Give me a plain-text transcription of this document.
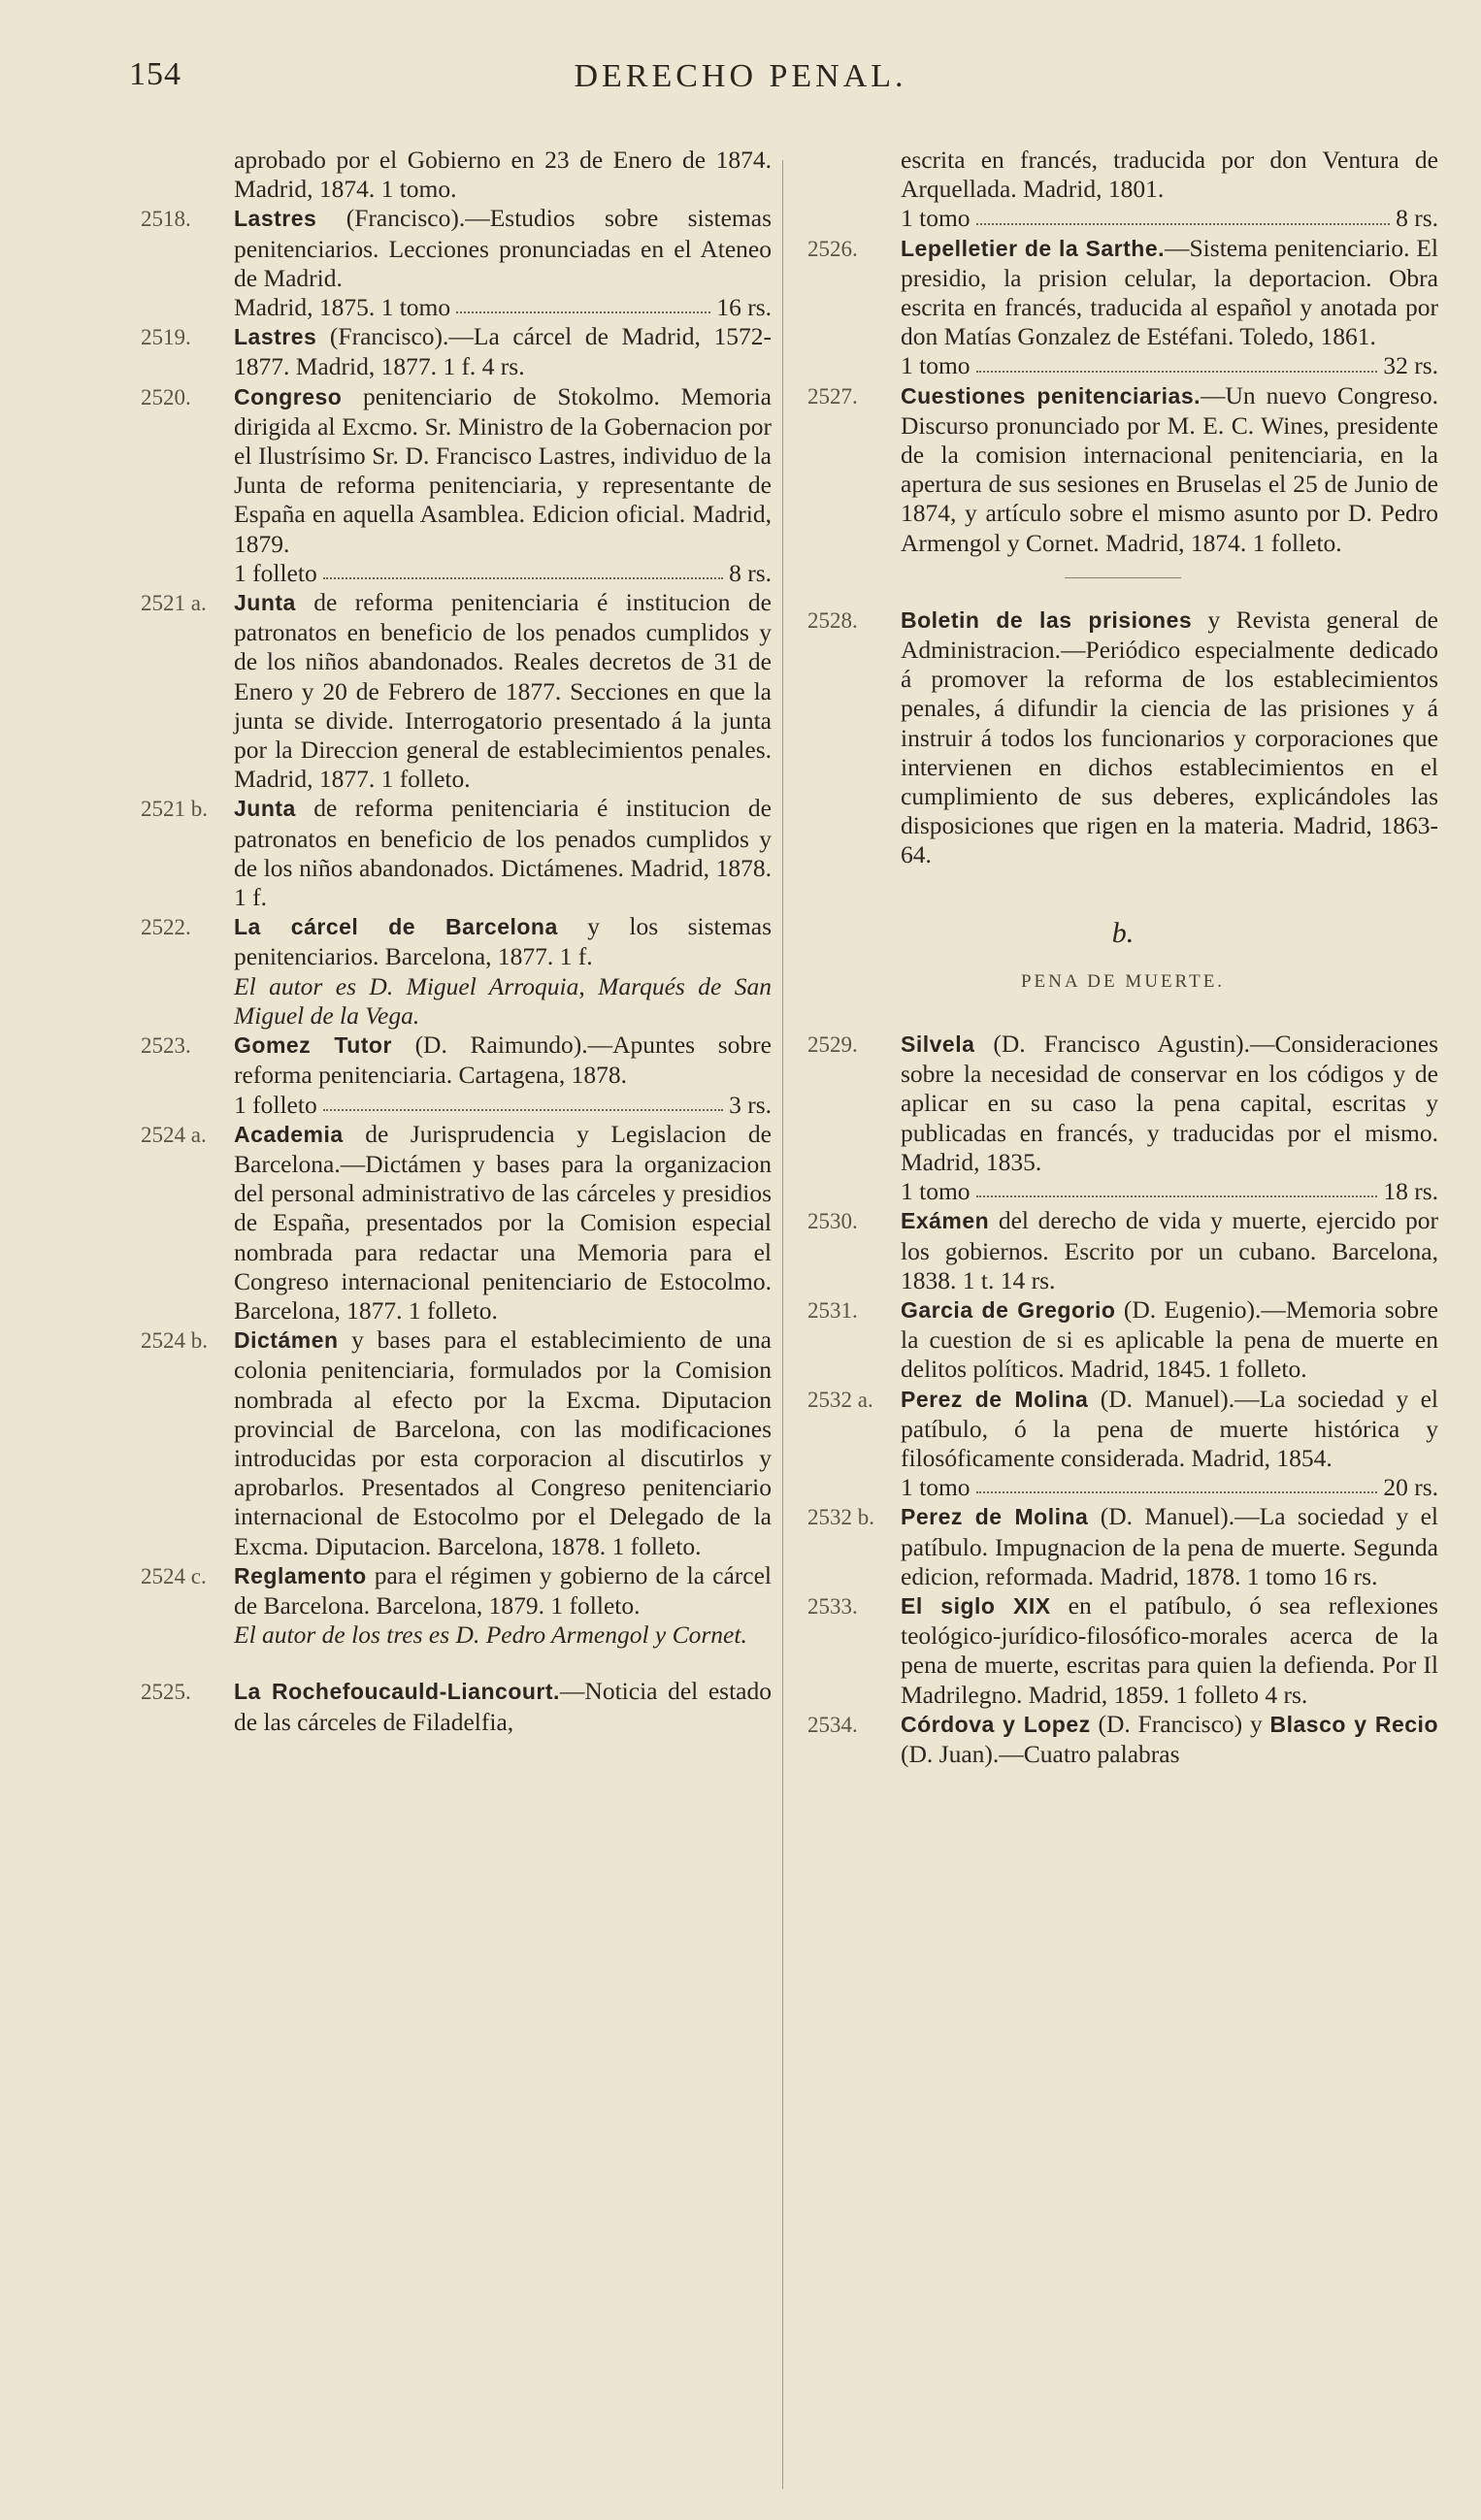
154	DERECHO PENAL.
aprobado por el Gobierno en 23 de Enero de 1874. Madrid, 1874. 1 tomo.
2518. Lastres (Francisco).—Estudios sobre sistemas penitenciarios. Lecciones pronunciadas en el Ateneo de Madrid.
Madrid, 1875. 1 tomo	16 rs.
2519. Lastres (Francisco).—La cárcel de Madrid, 1572-1877. Madrid, 1877. 1 f. 4 rs.
2520. Congreso penitenciario de Stokolmo. Memoria dirigida al Excmo. Sr. Ministro de la Gobernacion por el Ilustrísimo Sr. D. Francisco Lastres, individuo de la Junta de reforma penitenciaria, y representante de España en aquella Asamblea. Edicion oficial. Madrid, 1879.
1 folleto	8 rs.
2521 a. Junta de reforma penitenciaria é institucion de patronatos en beneficio de los penados cumplidos y de los niños abandonados. Reales decretos de 31 de Enero y 20 de Febrero de 1877. Secciones en que la junta se divide. Interrogatorio presentado á la junta por la Direccion general de establecimientos penales. Madrid, 1877. 1 folleto.
2521 b. Junta de reforma penitenciaria é institucion de patronatos en beneficio de los penados cumplidos y de los niños abandonados. Dictámenes. Madrid, 1878. 1 f.
2522. La cárcel de Barcelona y los sistemas penitenciarios. Barcelona, 1877. 1 f.
El autor es D. Miguel Arroquia, Marqués de San Miguel de la Vega.
2523. Gomez Tutor (D. Raimundo).—Apuntes sobre reforma penitenciaria. Cartagena, 1878.
1 folleto	3 rs.
2524 a. Academia de Jurisprudencia y Legislacion de Barcelona.—Dictámen y bases para la organizacion del personal administrativo de las cárceles y presidios de España, presentados por la Comision especial nombrada para redactar una Memoria para el Congreso internacional penitenciario de Estocolmo. Barcelona, 1877. 1 folleto.
2524 b. Dictámen y bases para el establecimiento de una colonia penitenciaria, formulados por la Comision nombrada al efecto por la Excma. Diputacion provincial de Barcelona, con las modificaciones introducidas por esta corporacion al discutirlos y aprobarlos. Presentados al Congreso penitenciario internacional de Estocolmo por el Delegado de la Excma. Diputacion. Barcelona, 1878. 1 folleto.
2524 c. Reglamento para el régimen y gobierno de la cárcel de Barcelona. Barcelona, 1879. 1 folleto.
El autor de los tres es D. Pedro Armengol y Cornet.
2525. La Rochefoucauld-Liancourt.—Noticia del estado de las cárceles de Filadelfia,
escrita en francés, traducida por don Ventura de Arquellada. Madrid, 1801.
1 tomo	8 rs.
2526. Lepelletier de la Sarthe.—Sistema penitenciario. El presidio, la prision celular, la deportacion. Obra escrita en francés, traducida al español y anotada por don Matías Gonzalez de Estéfani. Toledo, 1861.
1 tomo	32 rs.
2527. Cuestiones penitenciarias.—Un nuevo Congreso. Discurso pronunciado por M. E. C. Wines, presidente de la comision internacional penitenciaria, en la apertura de sus sesiones en Bruselas el 25 de Junio de 1874, y artículo sobre el mismo asunto por D. Pedro Armengol y Cornet. Madrid, 1874. 1 folleto.
2528. Boletin de las prisiones y Revista general de Administracion.—Periódico especialmente dedicado á promover la reforma de los establecimientos penales, á difundir la ciencia de las prisiones y á instruir á todos los funcionarios y corporaciones que intervienen en dichos establecimientos en el cumplimiento de sus deberes, explicándoles las disposiciones que rigen en la materia. Madrid, 1863-64.
b.
PENA DE MUERTE.
2529. Silvela (D. Francisco Agustin).—Consideraciones sobre la necesidad de conservar en los códigos y de aplicar en su caso la pena capital, escritas y publicadas en francés, y traducidas por el mismo. Madrid, 1835.
1 tomo	18 rs.
2530. Exámen del derecho de vida y muerte, ejercido por los gobiernos. Escrito por un cubano. Barcelona, 1838. 1 t. 14 rs.
2531. Garcia de Gregorio (D. Eugenio).—Memoria sobre la cuestion de si es aplicable la pena de muerte en delitos políticos. Madrid, 1845. 1 folleto.
2532 a. Perez de Molina (D. Manuel).—La sociedad y el patíbulo, ó la pena de muerte histórica y filosóficamente considerada. Madrid, 1854.
1 tomo	20 rs.
2532 b. Perez de Molina (D. Manuel).—La sociedad y el patíbulo. Impugnacion de la pena de muerte. Segunda edicion, reformada. Madrid, 1878. 1 tomo 16 rs.
2533. El siglo XIX en el patíbulo, ó sea reflexiones teológico-jurídico-filosófico-morales acerca de la pena de muerte, escritas para quien la defienda. Por Il Madrilegno. Madrid, 1859. 1 folleto 4 rs.
2534. Córdova y Lopez (D. Francisco) y Blasco y Recio (D. Juan).—Cuatro palabras
